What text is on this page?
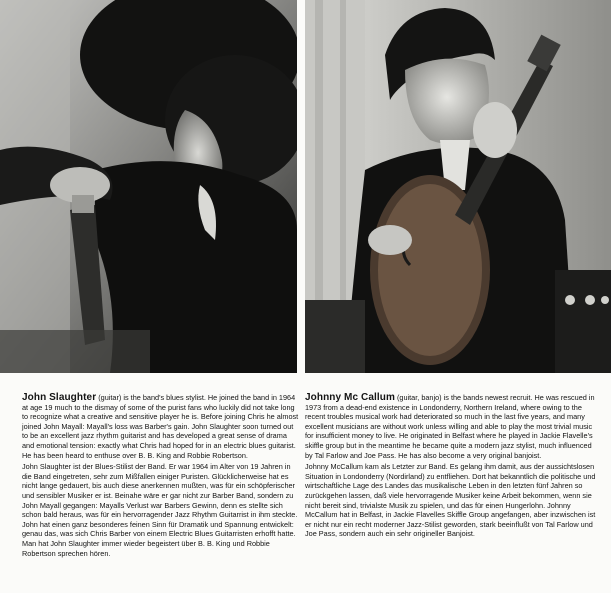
John Slaughter (guitar) is the band's blues stylist. He joined the band in 1964 at age 19 much to the dismay of some of the purist fans who luckily did not take long to recognize what a creative and sensitive player he is. Before joining Chris he almost joined John Mayall: Mayall's loss was Barber's gain. John Slaughter soon turned out to be an excellent jazz rhythm guitarist and has developed a great sense of drama and emotional tension: exactly what Chris had hoped for in an electric blues guitarist. He has been heard to enthuse over B. B. King and Robbie Robertson.

John Slaughter ist der Blues-Stilist der Band. Er war 1964 im Alter von 19 Jahren in die Band eingetreten, sehr zum Mißfallen einiger Puristen. Glücklicherweise hat es nicht lange gedauert, bis auch diese anerkennen mußten, was für ein schöpferischer und sensibler Musiker er ist. Beinahe wäre er gar nicht zur Barber Band, sondern zu John Mayall gegangen: Mayalls Verlust war Barbers Gewinn, denn es stellte sich schon bald heraus, was für ein hervorragender Jazz Rhythm Guitarrist in ihm steckte. John hat einen ganz besonderes feinen Sinn für Dramatik und Spannung entwickelt: genau das, was sich Chris Barber von einem Electric Blues Guitarristen erhofft hatte. Man hat John Slaughter immer wieder begeistert über B. B. King und Robbie Robertson sprechen hören.

Johnny Mc Callum (guitar, banjo) is the bands newest recruit. He was rescued in 1973 from a dead-end existence in Londonderry, Northern Ireland, where owing to the recent troubles musical work had deteriorated so much in the last five years, and many excellent musicians are without work unless willing and able to play the most trivial music for insufficient money to live. He originated in Belfast where he played in Jackie Flavelle's skiffle group but in the meantime he became quite a modern jazz stylist, much influenced by Tal Farlow and Joe Pass. He has also become a very original banjoist.

Johnny McCallum kam als Letzter zur Band. Es gelang ihm damit, aus der aussichtslosen Situation in Londonderry (Nordirland) zu entfliehen. Dort hat bekanntlich die politische und wirtschaftliche Lage des Landes das musikalische Leben in den letzten fünf Jahren so zurückgehen lassen, daß viele hervorragende Musiker keine Arbeit bekommen, wenn sie nicht bereit sind, trivialste Musik zu spielen, und das für einen Hungerlohn. Johnny McCallum hat in Belfast, in Jackie Flavelles Skiffle Group angefangen, aber inzwischen ist er nicht nur ein recht moderner Jazz-Stilist geworden, stark beeinflußt von Tal Farlow und Joe Pass, sondern auch ein sehr origineller Banjoist.
